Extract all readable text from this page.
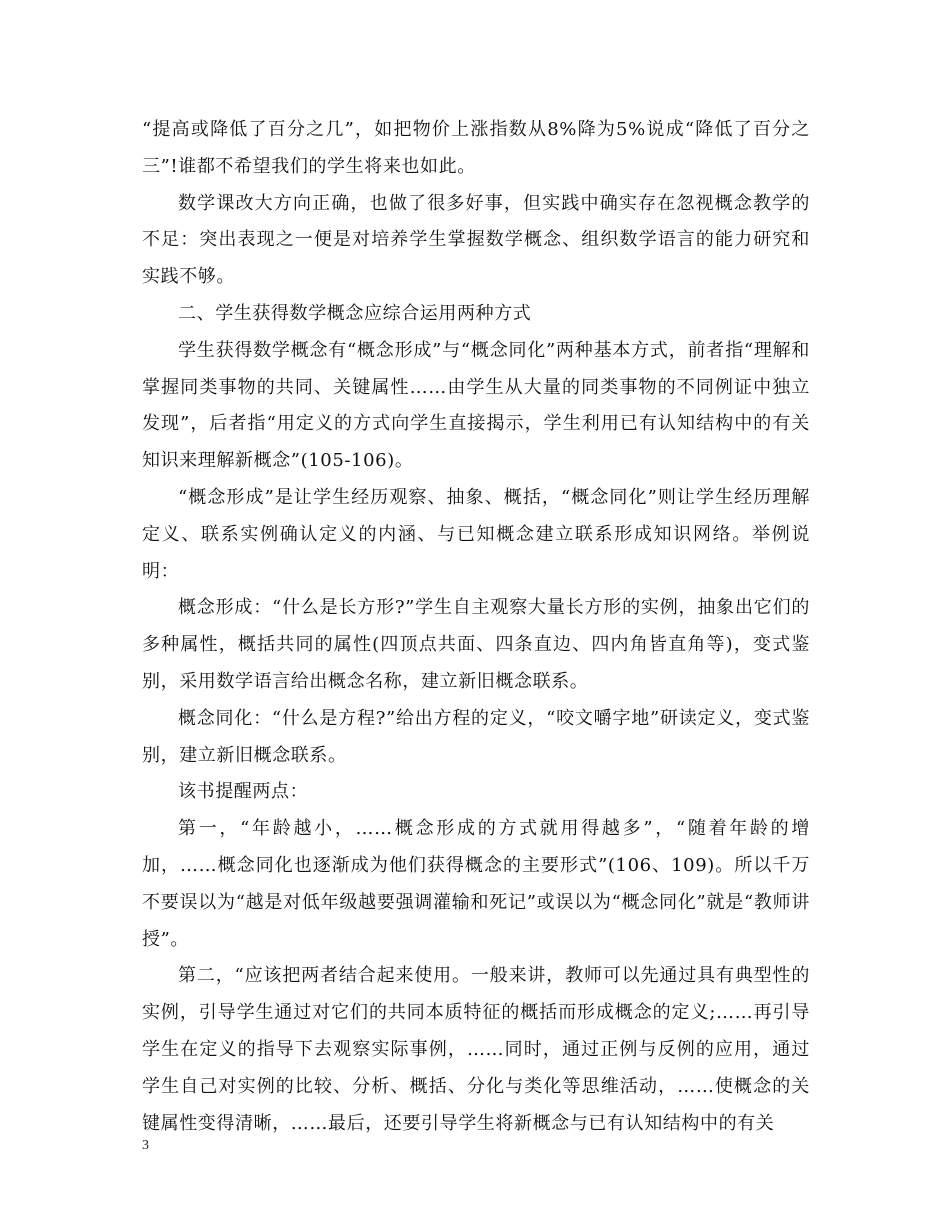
“提高或降低了百分之几”，如把物价上涨指数从8%降为5%说成“降低了百分之三”!谁都不希望我们的学生将来也如此。

数学课改大方向正确，也做了很多好事，但实践中确实存在忽视概念教学的不足：突出表现之一便是对培养学生掌握数学概念、组织数学语言的能力研究和实践不够。

二、学生获得数学概念应综合运用两种方式

学生获得数学概念有“概念形成”与“概念同化”两种基本方式，前者指“理解和掌握同类事物的共同、关键属性……由学生从大量的同类事物的不同例证中独立发现”，后者指“用定义的方式向学生直接揭示，学生利用已有认知结构中的有关知识来理解新概念”(105-106)。

“概念形成”是让学生经历观察、抽象、概括，“概念同化”则让学生经历理解定义、联系实例确认定义的内涵、与已知概念建立联系形成知识网络。举例说明：

概念形成：“什么是长方形?”学生自主观察大量长方形的实例，抽象出它们的多种属性，概括共同的属性(四顶点共面、四条直边、四内角皆直角等)，变式鉴别，采用数学语言给出概念名称，建立新旧概念联系。

概念同化：“什么是方程?”给出方程的定义，“咬文嚼字地”研读定义，变式鉴别，建立新旧概念联系。

该书提醒两点：

第一，“年龄越小，……概念形成的方式就用得越多”，“随着年龄的增加，……概念同化也逐渐成为他们获得概念的主要形式”(106、109)。所以千万不要误以为“越是对低年级越要强调灌输和死记”或误以为“概念同化”就是“教师讲授”。

第二，“应该把两者结合起来使用。一般来讲，教师可以先通过具有典型性的实例，引导学生通过对它们的共同本质特征的概括而形成概念的定义;……再引导学生在定义的指导下去观察实际事例，……同时，通过正例与反例的应用，通过学生自己对实例的比较、分析、概括、分化与类化等思维活动，……使概念的关键属性变得清晰，……最后，还要引导学生将新概念与已有认知结构中的有关

3
